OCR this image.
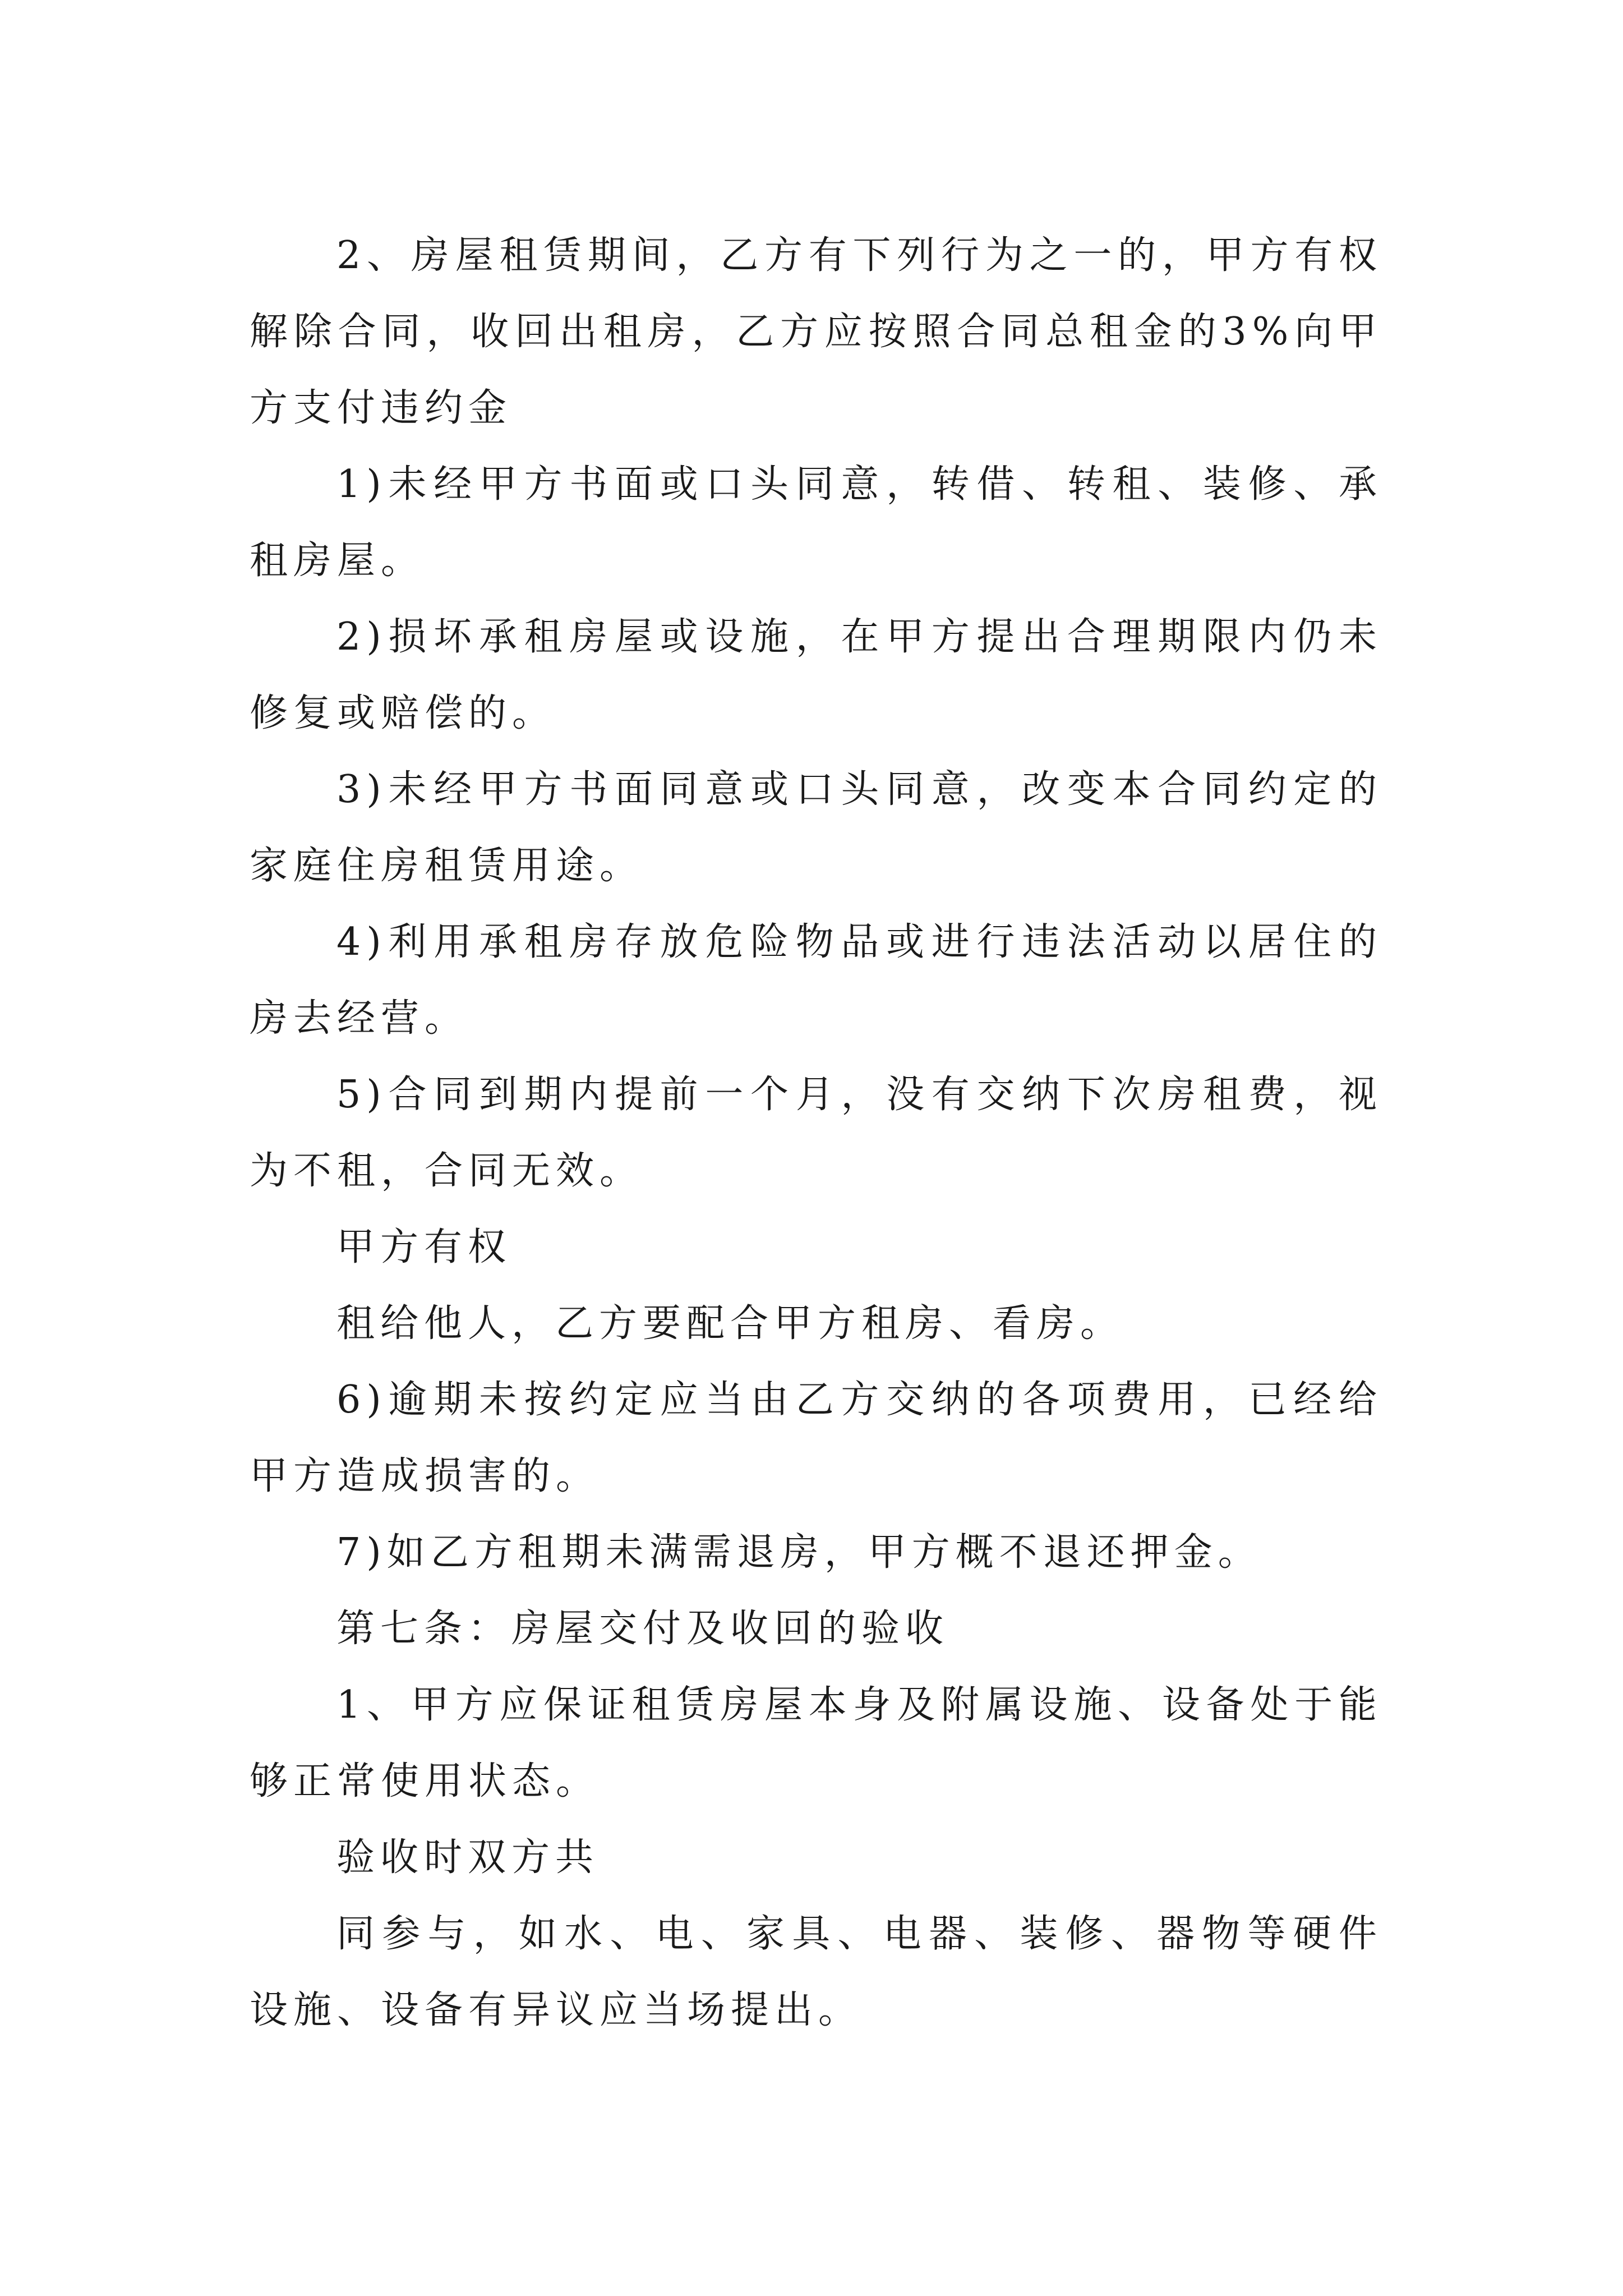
2、房屋租赁期间，乙方有下列行为之一的，甲方有权解除合同，收回出租房，乙方应按照合同总租金的3%向甲方支付违约金

1)未经甲方书面或口头同意，转借、转租、装修、承租房屋。

2)损坏承租房屋或设施，在甲方提出合理期限内仍未修复或赔偿的。

3)未经甲方书面同意或口头同意，改变本合同约定的家庭住房租赁用途。

4)利用承租房存放危险物品或进行违法活动以居住的房去经营。

5)合同到期内提前一个月，没有交纳下次房租费，视为不租，合同无效。

甲方有权

租给他人，乙方要配合甲方租房、看房。

6)逾期未按约定应当由乙方交纳的各项费用，已经给甲方造成损害的。

7)如乙方租期未满需退房，甲方概不退还押金。

第七条：房屋交付及收回的验收

1、甲方应保证租赁房屋本身及附属设施、设备处于能够正常使用状态。

验收时双方共

同参与，如水、电、家具、电器、装修、器物等硬件设施、设备有异议应当场提出。
